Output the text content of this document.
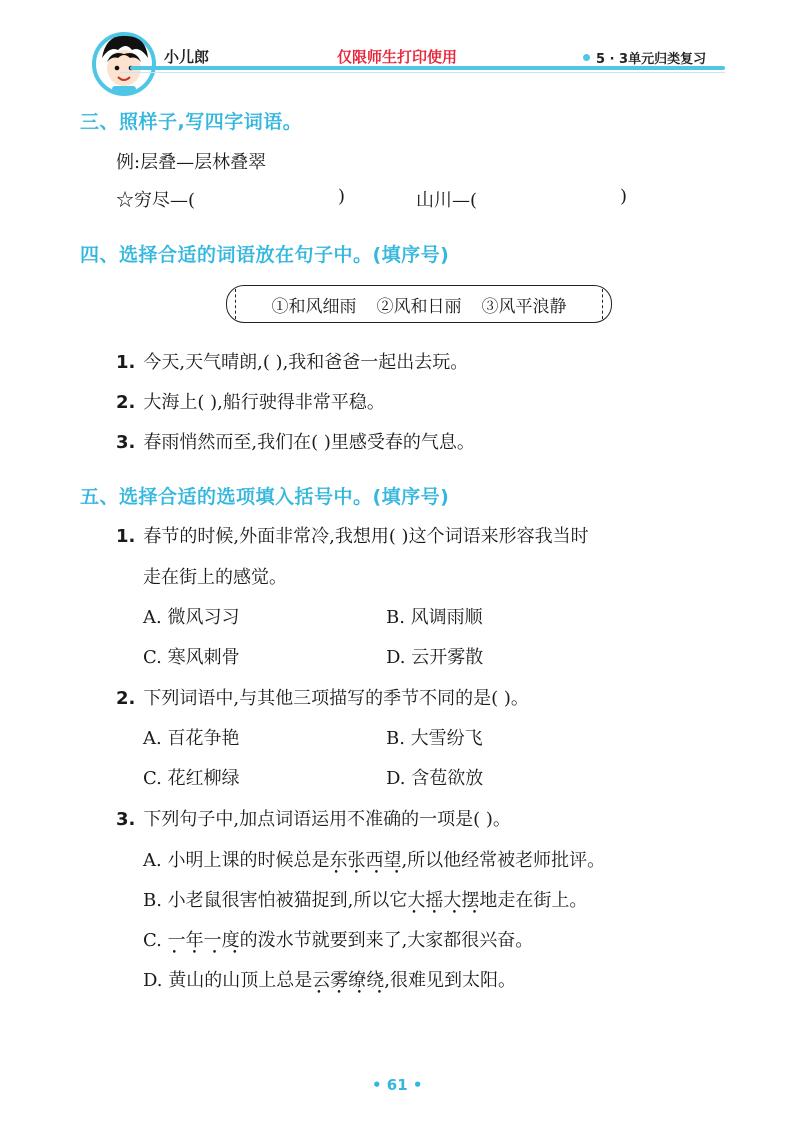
小儿郎	仅限师生打印使用	5 · 3单元归类复习
三、照样子,写四字词语。
例:层叠—层林叠翠
☆穷尽—(	)	山川—(	)
四、选择合适的词语放在句子中。(填序号)
①和风细雨 ②风和日丽 ③风平浪静
1. 今天,天气晴朗,( ),我和爸爸一起出去玩。
2. 大海上( ),船行驶得非常平稳。
3. 春雨悄然而至,我们在( )里感受春的气息。
五、选择合适的选项填入括号中。(填序号)
1. 春节的时候,外面非常冷,我想用( )这个词语来形容我当时
走在街上的感觉。
A. 微风习习	B. 风调雨顺
C. 寒风刺骨	D. 云开雾散
2. 下列词语中,与其他三项描写的季节不同的是( )。
A. 百花争艳	B. 大雪纷飞
C. 花红柳绿	D. 含苞欲放
3. 下列句子中,加点词语运用不准确的一项是( )。
A. 小明上课的时候总是东张西望 • • • •,所以他经常被老师批评。
B. 小老鼠很害怕被猫捉到,所以它大摇大摆 • • • •地走在街上。
C. 一年一度 • • • •的泼水节就要到来了,大家都很兴奋。
D. 黄山的山顶上总是云雾缭绕 • • • •,很难见到太阳。
• 61 •
